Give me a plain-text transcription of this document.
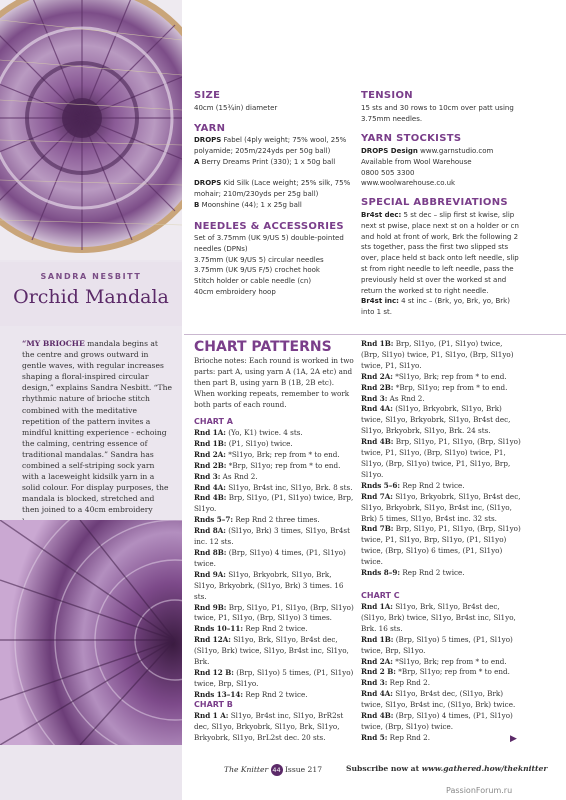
SANDRA NESBITT
Orchid Mandala
“MY BRIOCHE mandala begins at the centre and grows outward in gentle waves, with regular increases shaping a floral-inspired circular design,” explains Sandra Nesbitt. “The rhythmic nature of brioche stitch combined with the meditative repetition of the pattern invites a mindful knitting experience - echoing the calming, centring essence of traditional mandalas.” Sandra has combined a self-striping sock yarn with a laceweight kidsilk yarn in a solid colour. For display purposes, the mandala is blocked, stretched and then joined to a 40cm embroidery
SIZE
40cm (15¾in) diameter
YARN
DROPS Fabel (4ply weight; 75% wool, 25% polyamide; 205m/224yds per 50g ball)
A Berry Dreams Print (330); 1 x 50g ball
DROPS Kid Silk (Lace weight; 25% silk, 75% mohair; 210m/230yds per 25g ball)
B Moonshine (44); 1 x 25g ball
NEEDLES & ACCESSORIES
Set of 3.75mm (UK 9/US 5) double-pointed needles (DPNs)
3.75mm (UK 9/US 5) circular needles
3.75mm (UK 9/US F/5) crochet hook
Stitch holder or cable needle (cn)
40cm embroidery hoop
TENSION
15 sts and 30 rows to 10cm over patt using 3.75mm needles.
YARN STOCKISTS
DROPS Design www.garnstudio.com
Available from Wool Warehouse
0800 505 3300
www.woolwarehouse.co.uk
SPECIAL ABBREVIATIONS
Br4st dec: 5 st dec – slip first st kwise, slip next st pwise, place next st on a holder or cn and hold at front of work, Brk the following 2 sts together, pass the first two slipped sts over, place held st back onto left needle, slip st from right needle to left needle, pass the previously held st over the worked st and return the worked st to right needle.
Br4st inc: 4 st inc – (Brk, yo, Brk, yo, Brk) into 1 st.
CHART PATTERNS
Brioche notes: Each round is worked in two parts: part A, using yarn A (1A, 2A etc) and then part B, using yarn B (1B, 2B etc). When working repeats, remember to work both parts of each round.
CHART A
Rnd 1A: (Yo, K1) twice. 4 sts.
Rnd 1B: (P1, Sl1yo) twice.
Rnd 2A: *Sl1yo, Brk; rep from * to end.
Rnd 2B: *Brp, Sl1yo; rep from * to end.
Rnd 3: As Rnd 2.
Rnd 4A: Sl1yo, Br4st inc, Sl1yo, Brk. 8 sts.
Rnd 4B: Brp, Sl1yo, (P1, Sl1yo) twice, Brp, Sl1yo.
Rnds 5–7: Rep Rnd 2 three times.
Rnd 8A: (Sl1yo, Brk) 3 times, Sl1yo, Br4st inc. 12 sts.
Rnd 8B: (Brp, Sl1yo) 4 times, (P1, Sl1yo) twice.
Rnd 9A: Sl1yo, Brkyobrk, Sl1yo, Brk, Sl1yo, Brkyobrk, (Sl1yo, Brk) 3 times. 16 sts.
Rnd 9B: Brp, Sl1yo, P1, Sl1yo, (Brp, Sl1yo) twice, P1, Sl1yo, (Brp, Sl1yo) 3 times.
Rnds 10–11: Rep Rnd 2 twice.
Rnd 12A: Sl1yo, Brk, Sl1yo, Br4st dec, (Sl1yo, Brk) twice, Sl1yo, Br4st inc, Sl1yo, Brk.
Rnd 12 B: (Brp, Sl1yo) 5 times, (P1, Sl1yo) twice, Brp, Sl1yo.
Rnds 13–14: Rep Rnd 2 twice.
CHART B
Rnd 1 A: Sl1yo, Br4st inc, Sl1yo, BrR2st dec, Sl1yo, Brkyobrk, Sl1yo, Brk, Sl1yo, Brkyobrk, Sl1yo, BrL2st dec. 20 sts.
Rnd 1B: Brp, Sl1yo, (P1, Sl1yo) twice, (Brp, Sl1yo) twice, P1, Sl1yo, (Brp, Sl1yo) twice, P1, Sl1yo.
Rnd 2A: *Sl1yo, Brk; rep from * to end.
Rnd 2B: *Brp, Sl1yo; rep from * to end.
Rnd 3: As Rnd 2.
Rnd 4A: (Sl1yo, Brkyobrk, Sl1yo, Brk) twice, Sl1yo, Brkyobrk, Sl1yo, Br4st dec, Sl1yo, Brkyobrk, Sl1yo, Brk. 24 sts.
Rnd 4B: Brp, Sl1yo, P1, Sl1yo, (Brp, Sl1yo) twice, P1, Sl1yo, (Brp, Sl1yo) twice, P1, Sl1yo, (Brp, Sl1yo) twice, P1, Sl1yo, Brp, Sl1yo.
Rnds 5–6: Rep Rnd 2 twice.
Rnd 7A: Sl1yo, Brkyobrk, Sl1yo, Br4st dec, Sl1yo, Brkyobrk, Sl1yo, Br4st inc, (Sl1yo, Brk) 5 times, Sl1yo, Br4st inc. 32 sts.
Rnd 7B: Brp, Sl1yo, P1, Sl1yo, (Brp, Sl1yo) twice, P1, Sl1yo, Brp, Sl1yo, (P1, Sl1yo) twice, (Brp, Sl1yo) 6 times, (P1, Sl1yo) twice.
Rnds 8–9: Rep Rnd 2 twice.
CHART C
Rnd 1A: Sl1yo, Brk, Sl1yo, Br4st dec, (Sl1yo, Brk) twice, Sl1yo, Br4st inc, Sl1yo, Brk. 16 sts.
Rnd 1B: (Brp, Sl1yo) 5 times, (P1, Sl1yo) twice, Brp, Sl1yo.
Rnd 2A: *Sl1yo, Brk; rep from * to end.
Rnd 2 B: *Brp, Sl1yo; rep from * to end.
Rnd 3: Rep Rnd 2.
Rnd 4A: Sl1yo, Br4st dec, (Sl1yo, Brk) twice, Sl1yo, Br4st inc, (Sl1yo, Brk) twice.
Rnd 4B: (Brp, Sl1yo) 4 times, (P1, Sl1yo) twice, (Brp, Sl1yo) twice.
Rnd 5: Rep Rnd 2.	▶
The Knitter 44 Issue 217	Subscribe now at www.gathered.how/theknitter
PassionForum.ru
